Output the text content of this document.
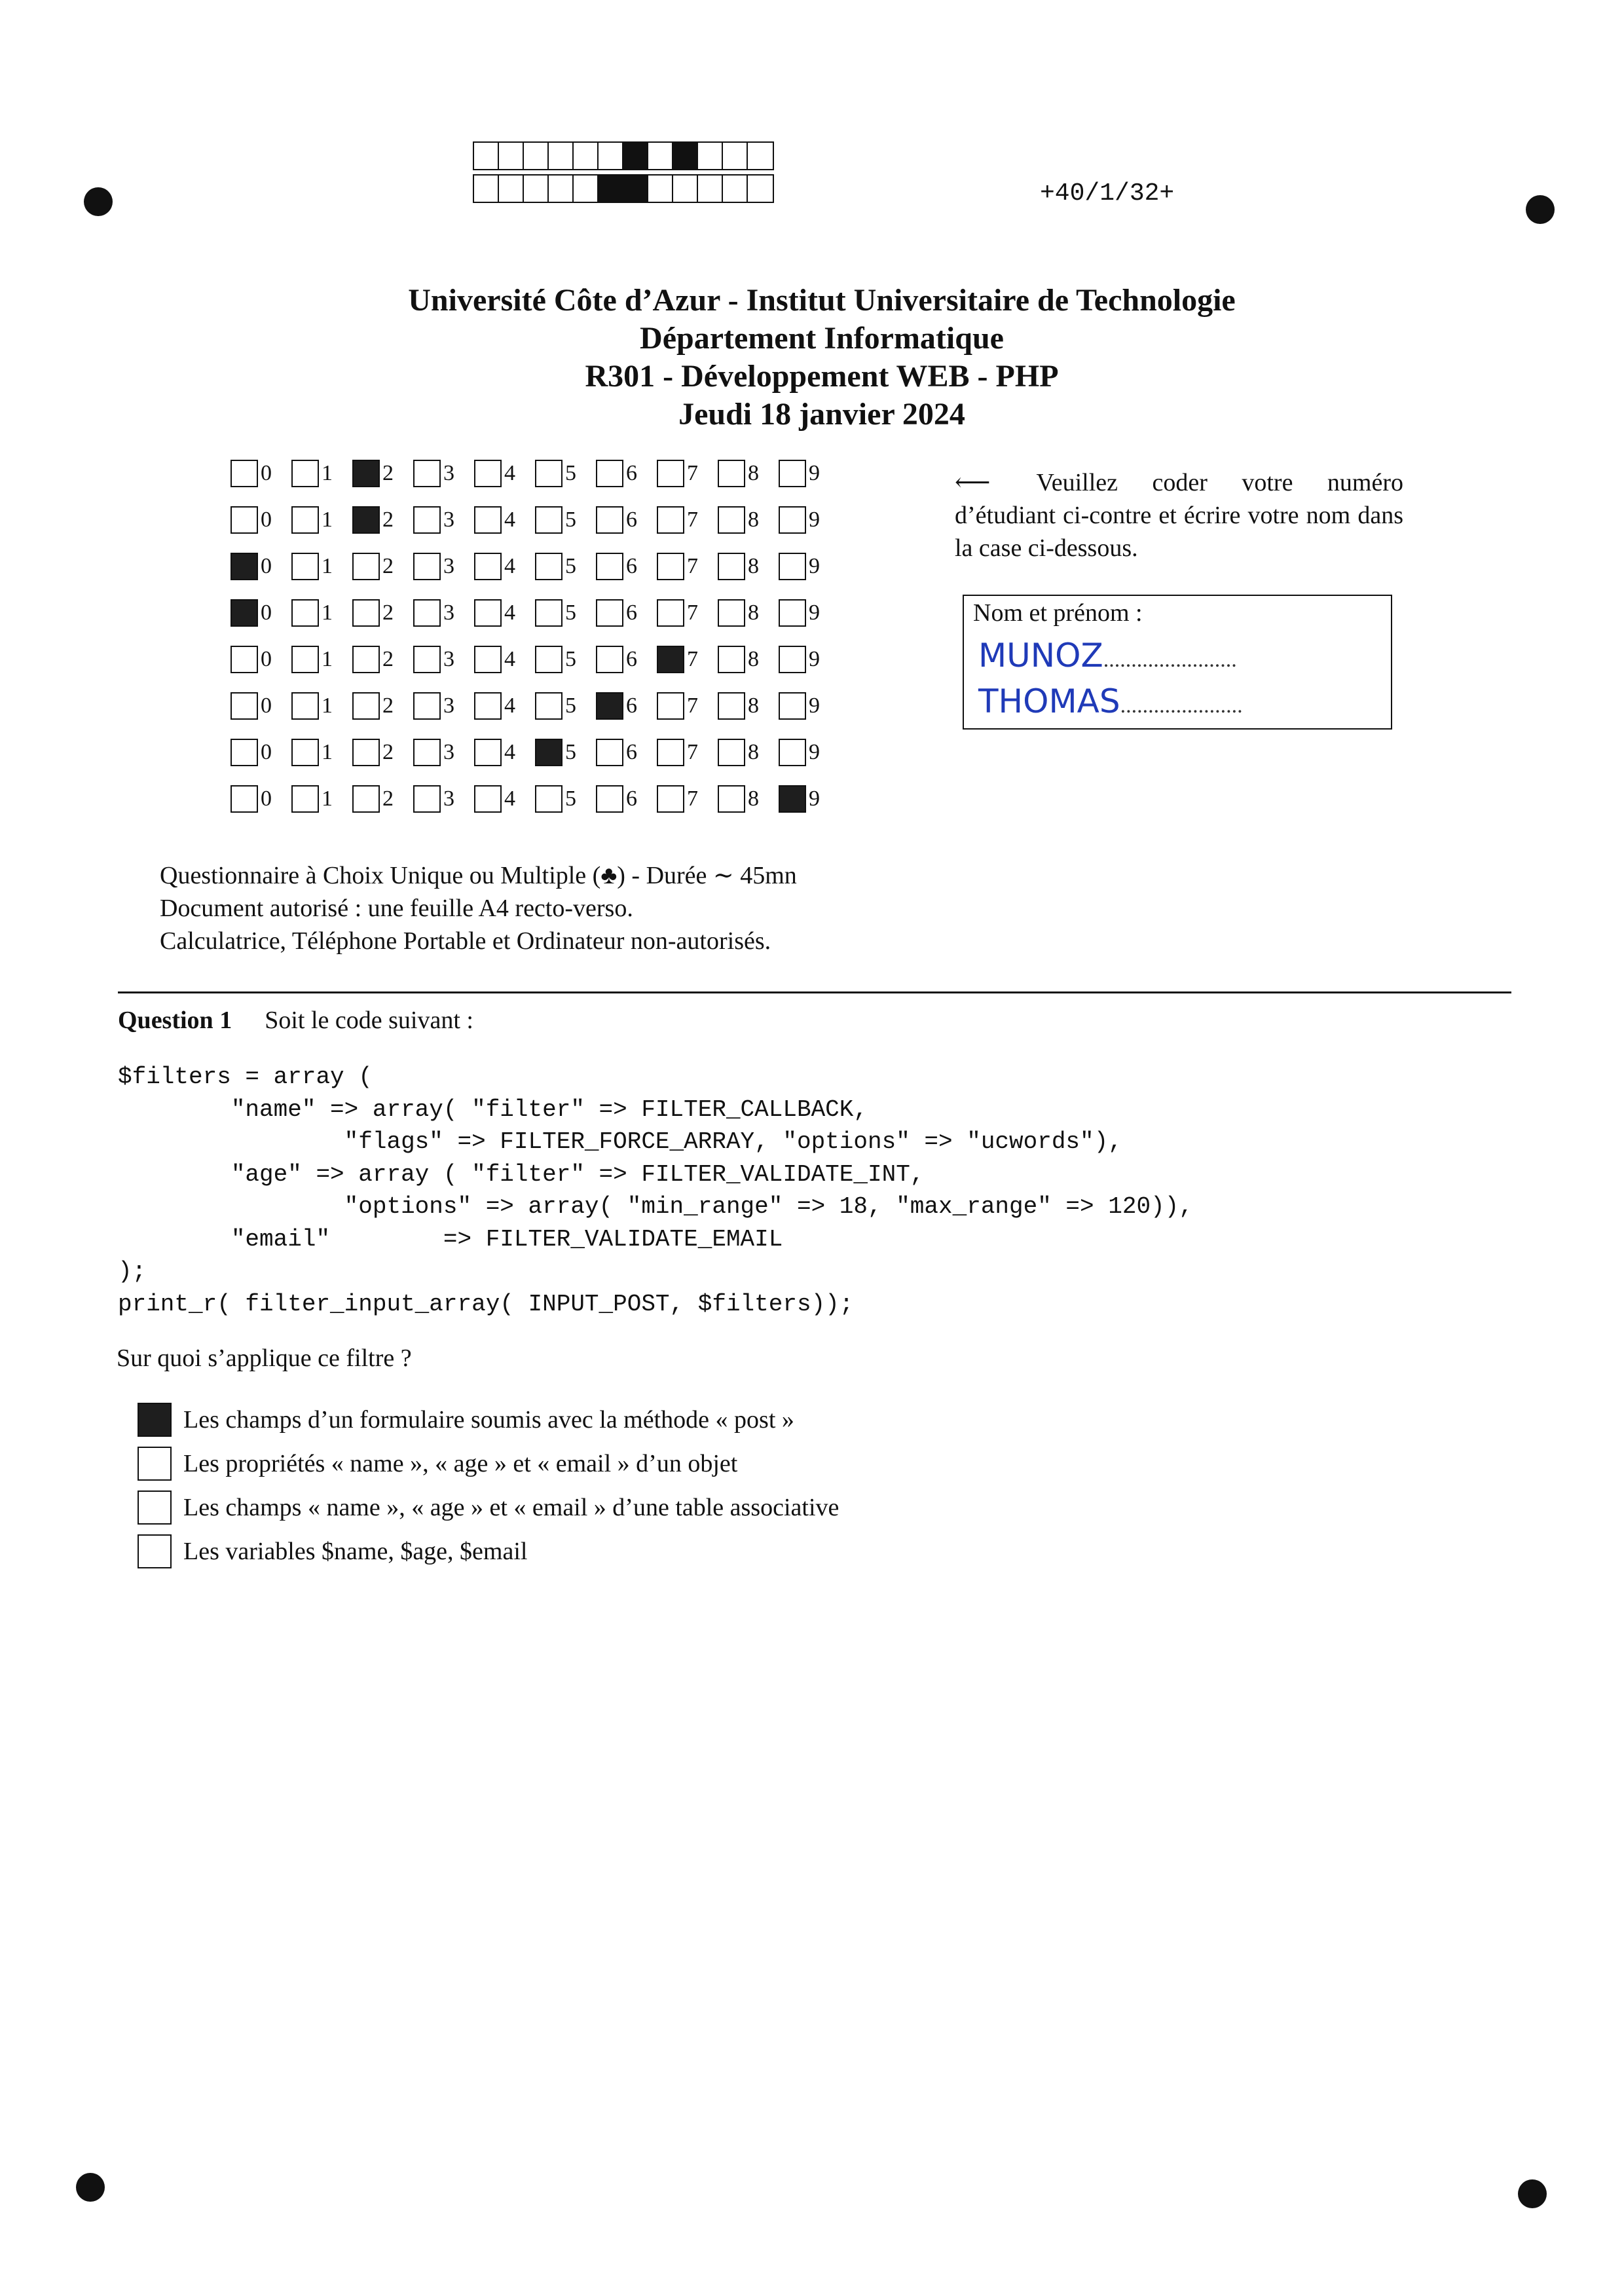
+40/1/32+
Université Côte d’Azur - Institut Universitaire de Technologie
Département Informatique
R301 - Développement WEB - PHP
Jeudi 18 janvier 2024
0 1 2 3 4 5 6 7 8 9
0 1 2 3 4 5 6 7 8 9
0 1 2 3 4 5 6 7 8 9
0 1 2 3 4 5 6 7 8 9
0 1 2 3 4 5 6 7 8 9
0 1 2 3 4 5 6 7 8 9
0 1 2 3 4 5 6 7 8 9
0 1 2 3 4 5 6 7 8 9
⟵ Veuillez coder votre numéro d’étudiant ci-contre et écrire votre nom dans la case ci-dessous.
Nom et prénom :
MUNOZ........................
THOMAS......................
Questionnaire à Choix Unique ou Multiple (♣) - Durée ∼ 45mn
Document autorisé : une feuille A4 recto-verso.
Calculatrice, Téléphone Portable et Ordinateur non-autorisés.
Question 1 Soit le code suivant :
$filters = array (
"name" => array( "filter" => FILTER_CALLBACK,
"flags" => FILTER_FORCE_ARRAY, "options" => "ucwords"),
"age" => array ( "filter" => FILTER_VALIDATE_INT,
"options" => array( "min_range" => 18, "max_range" => 120)),
"email"        => FILTER_VALIDATE_EMAIL
);
print_r( filter_input_array( INPUT_POST, $filters));
Sur quoi s’applique ce filtre ?
Les champs d’un formulaire soumis avec la méthode « post »
Les propriétés « name », « age » et « email » d’un objet
Les champs « name », « age » et « email » d’une table associative
Les variables $name, $age, $email
